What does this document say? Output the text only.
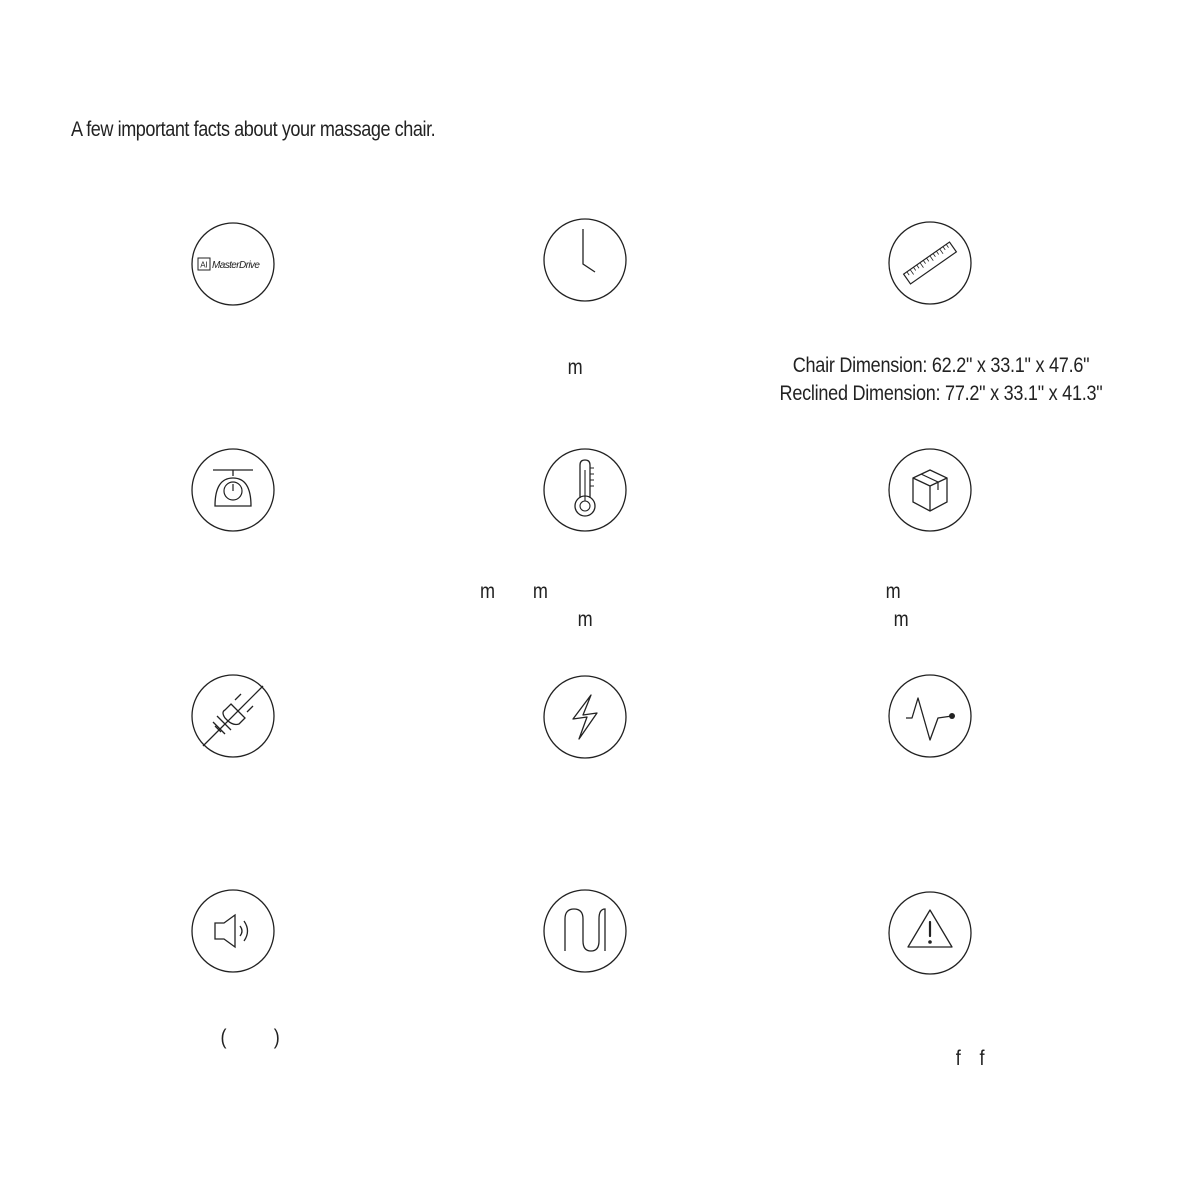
A few important facts about your massage chair.
AI MasterDrive
m	Chair Dimension: 62.2" x 33.1" x 47.6"
Reclined Dimension: 77.2" x 33.1" x 41.3"
m        m
m
m
m
(          )
f    f
